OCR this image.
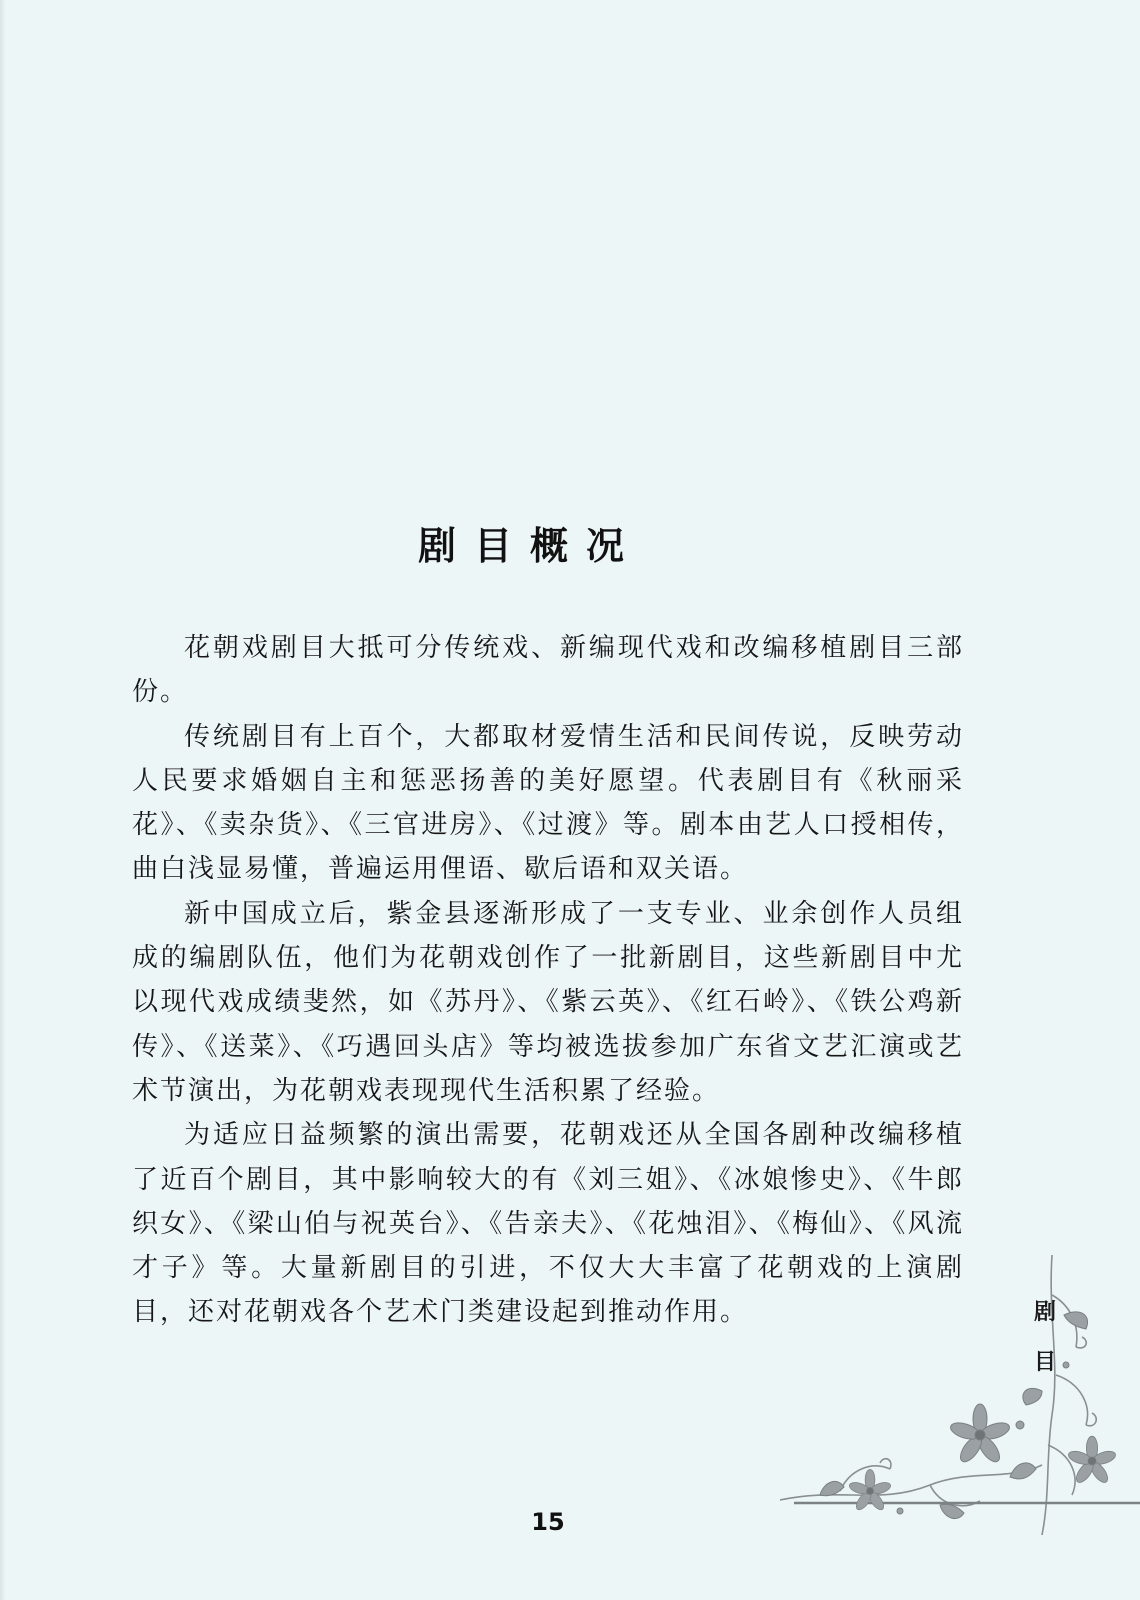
剧目概况

花朝戏剧目大抵可分传统戏、新编现代戏和改编移植剧目三部份。

传统剧目有上百个，大都取材爱情生活和民间传说，反映劳动人民要求婚姻自主和惩恶扬善的美好愿望。代表剧目有《秋丽采花》、《卖杂货》、《三官进房》、《过渡》等。剧本由艺人口授相传，曲白浅显易懂，普遍运用俚语、歇后语和双关语。

新中国成立后，紫金县逐渐形成了一支专业、业余创作人员组成的编剧队伍，他们为花朝戏创作了一批新剧目，这些新剧目中尤以现代戏成绩斐然，如《苏丹》、《紫云英》、《红石岭》、《铁公鸡新传》、《送菜》、《巧遇回头店》等均被选拔参加广东省文艺汇演或艺术节演出，为花朝戏表现现代生活积累了经验。

为适应日益频繁的演出需要，花朝戏还从全国各剧种改编移植了近百个剧目，其中影响较大的有《刘三姐》、《冰娘惨史》、《牛郎织女》、《梁山伯与祝英台》、《告亲夫》、《花烛泪》、《梅仙》、《风流才子》等。大量新剧目的引进，不仅大大丰富了花朝戏的上演剧目，还对花朝戏各个艺术门类建设起到推动作用。	剧目
15
